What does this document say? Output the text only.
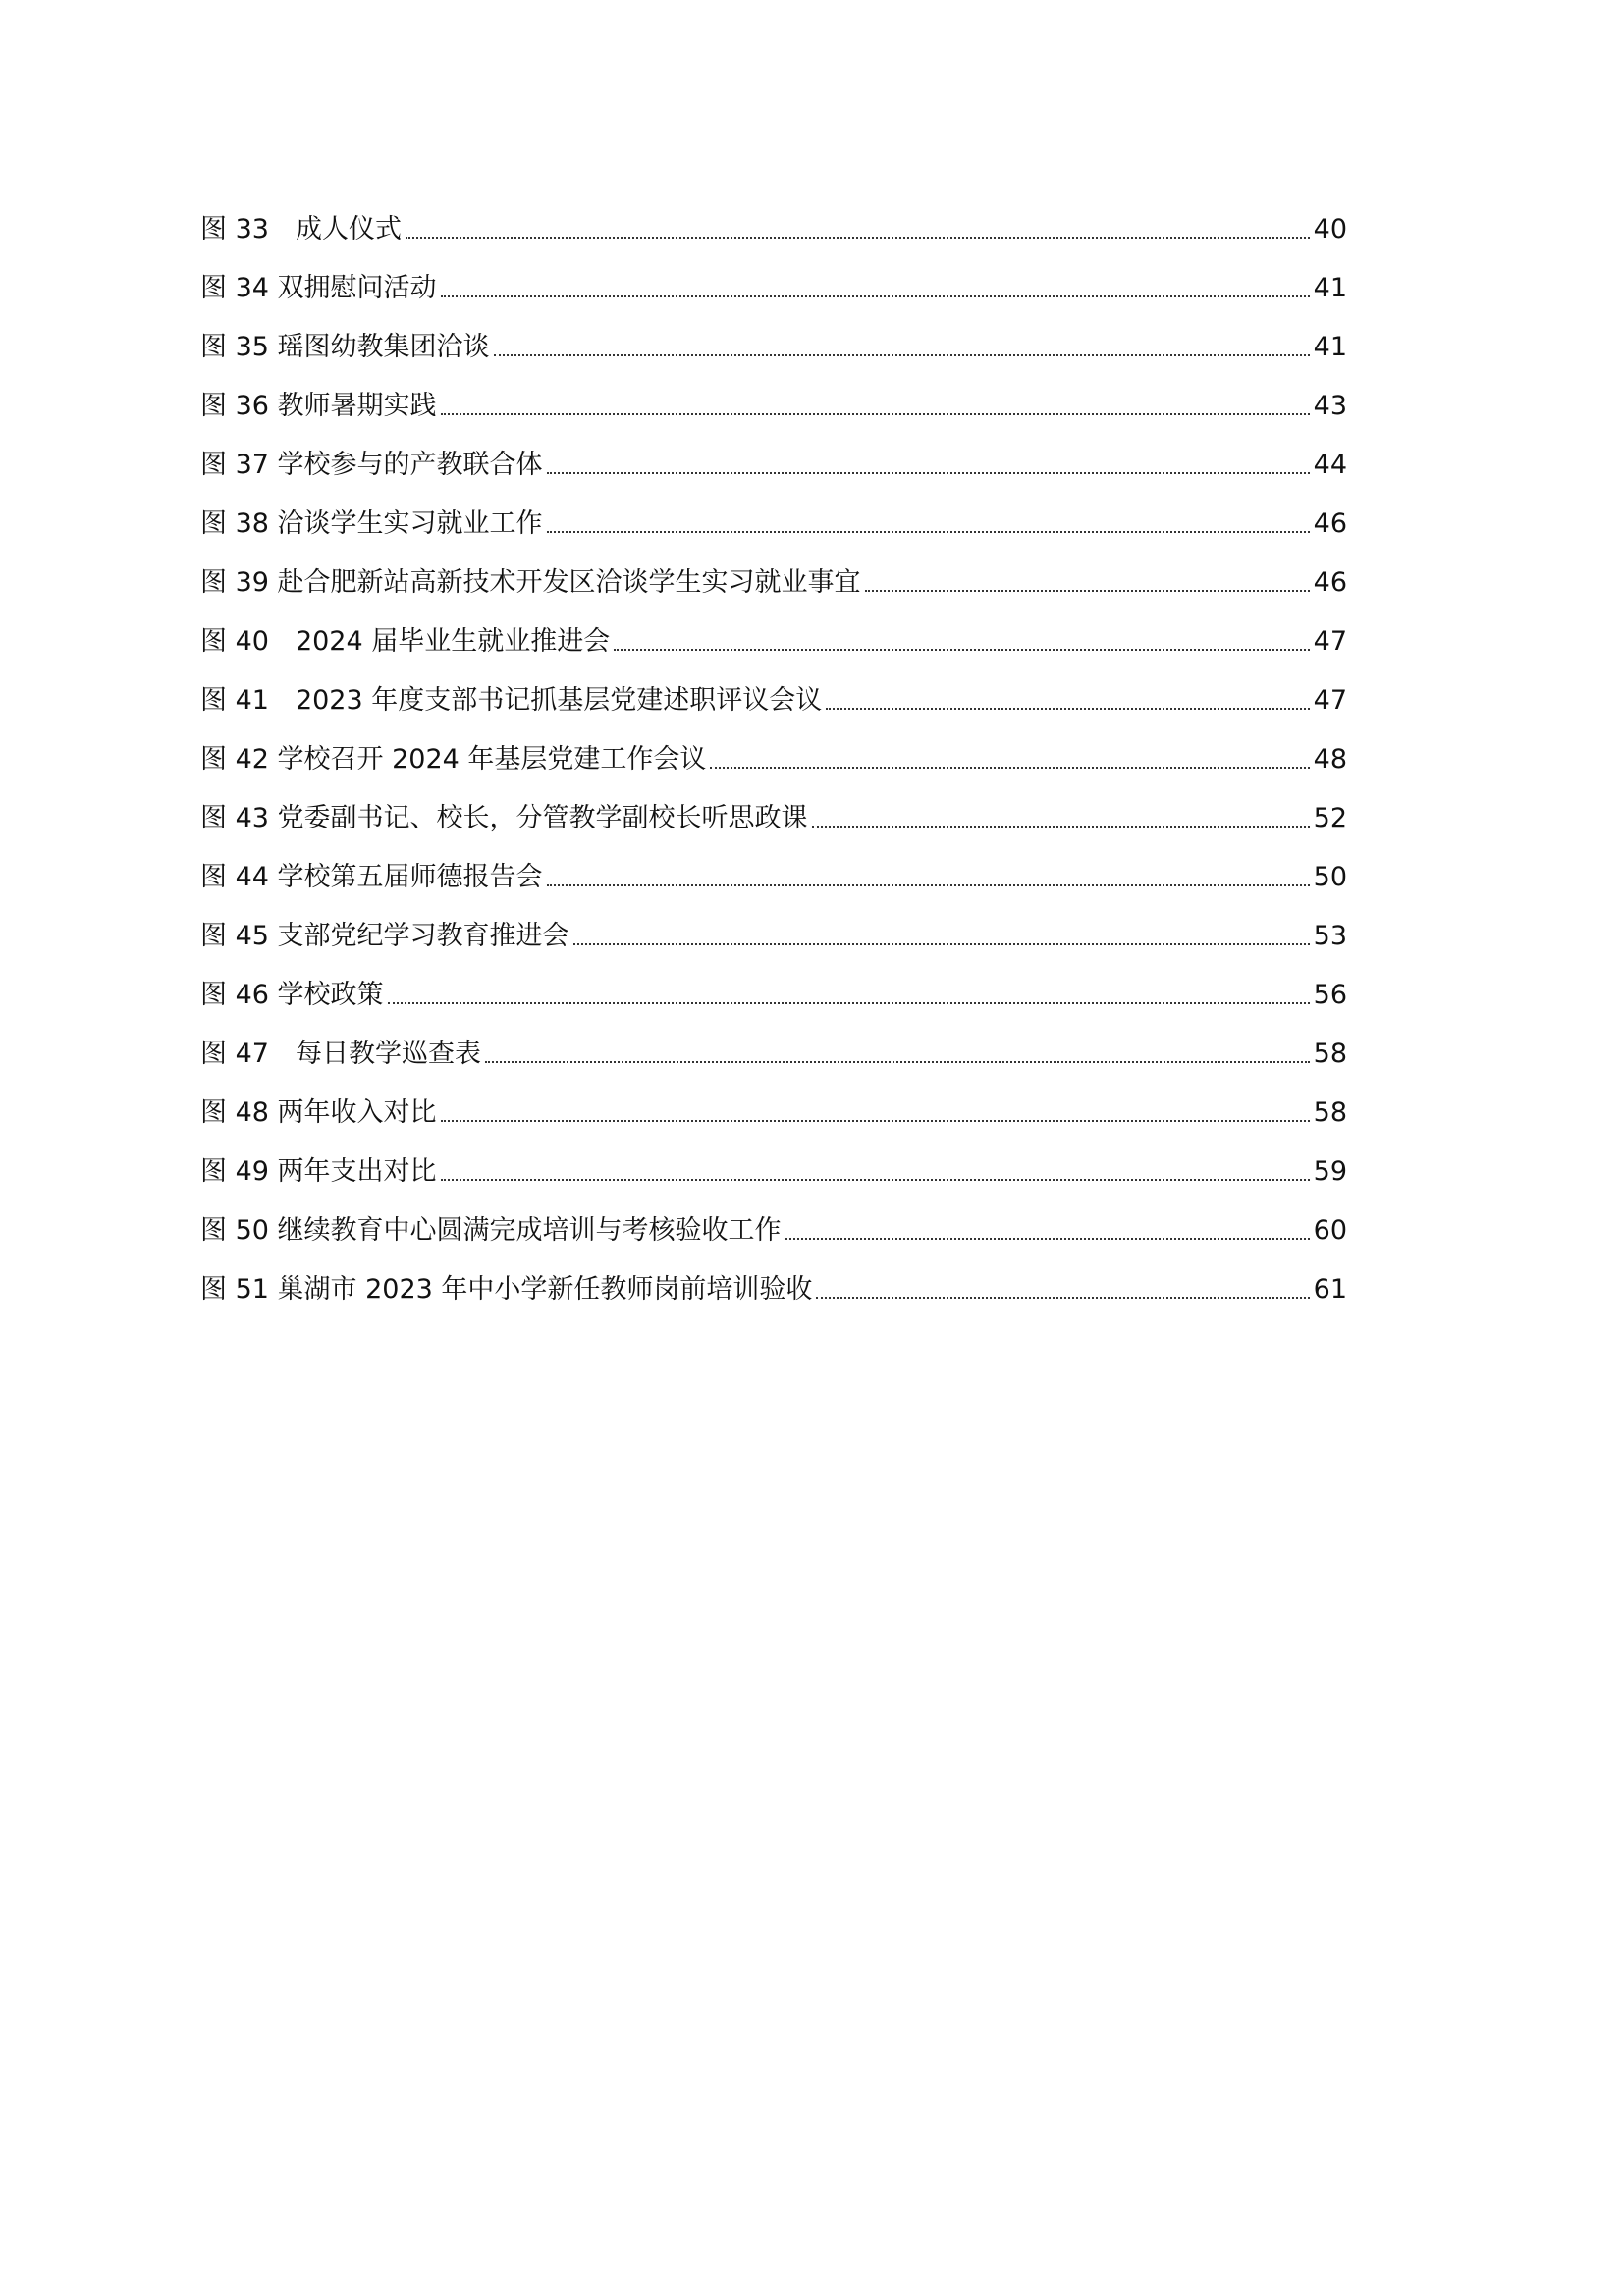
图 33　成人仪式	40
图 34 双拥慰问活动	41
图 35 瑶图幼教集团洽谈	41
图 36 教师暑期实践	43
图 37 学校参与的产教联合体	44
图 38 洽谈学生实习就业工作	46
图 39 赴合肥新站高新技术开发区洽谈学生实习就业事宜	46
图 40　2024 届毕业生就业推进会	47
图 41　2023 年度支部书记抓基层党建述职评议会议	47
图 42 学校召开 2024 年基层党建工作会议	48
图 43 党委副书记、校长，分管教学副校长听思政课	52
图 44 学校第五届师德报告会	50
图 45 支部党纪学习教育推进会	53
图 46 学校政策	56
图 47　每日教学巡查表	58
图 48 两年收入对比	58
图 49 两年支出对比	59
图 50 继续教育中心圆满完成培训与考核验收工作	60
图 51 巢湖市 2023 年中小学新任教师岗前培训验收	61
